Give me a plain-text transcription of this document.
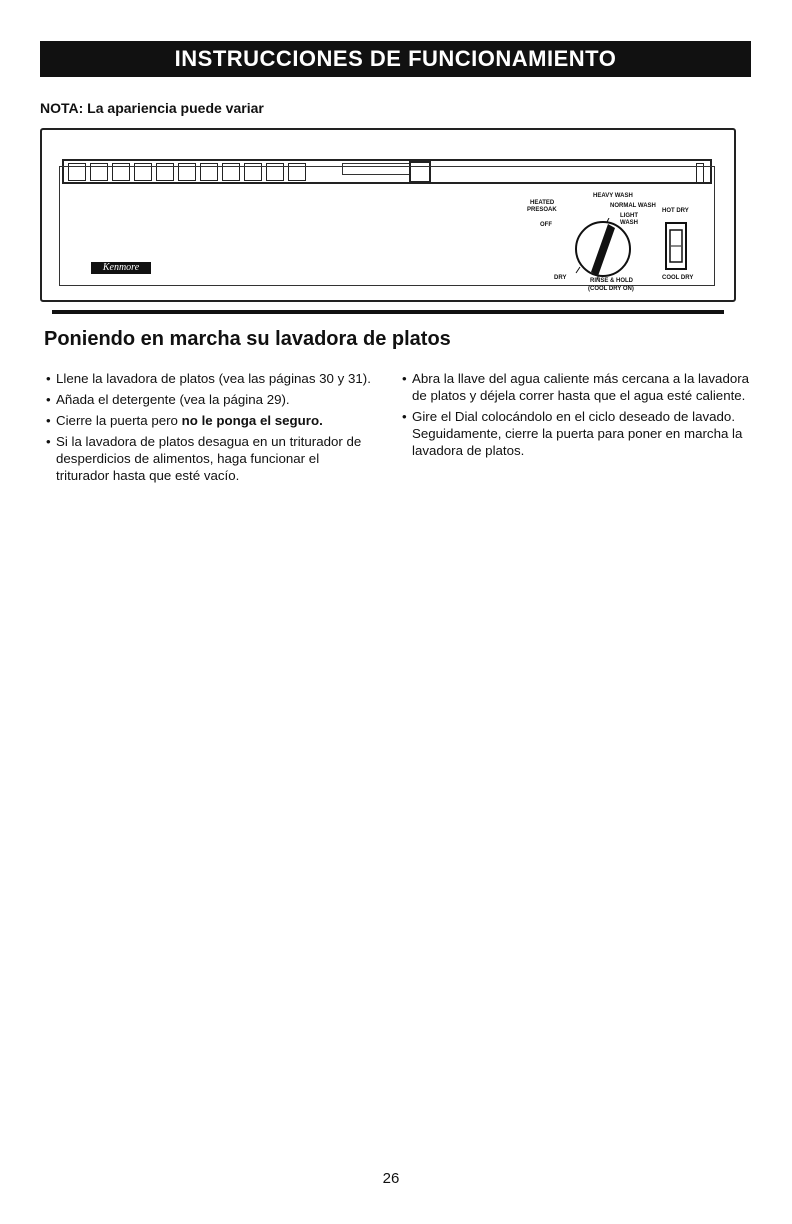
INSTRUCCIONES DE FUNCIONAMIENTO
NOTA: La apariencia puede variar
Kenmore
HEATED
PRESOAK
OFF
DRY
HEAVY WASH
NORMAL WASH
LIGHT
WASH
RINSE & HOLD
(COOL DRY ON)
HOT DRY
COOL DRY
Poniendo en marcha su lavadora de platos
• Llene la lavadora de platos (vea las páginas 30 y 31).
• Añada el detergente (vea la página 29).
• Cierre la puerta pero no le ponga el seguro.
• Si la lavadora de platos desagua en un triturador de desperdicios de alimentos, haga funcionar el triturador hasta que esté vacío.
• Abra la llave del agua caliente más cercana a la lavadora de platos y déjela correr hasta que el agua esté caliente.
• Gire el Dial colocándolo en el ciclo deseado de lavado. Seguidamente, cierre la puerta para poner en marcha la lavadora de platos.
26
